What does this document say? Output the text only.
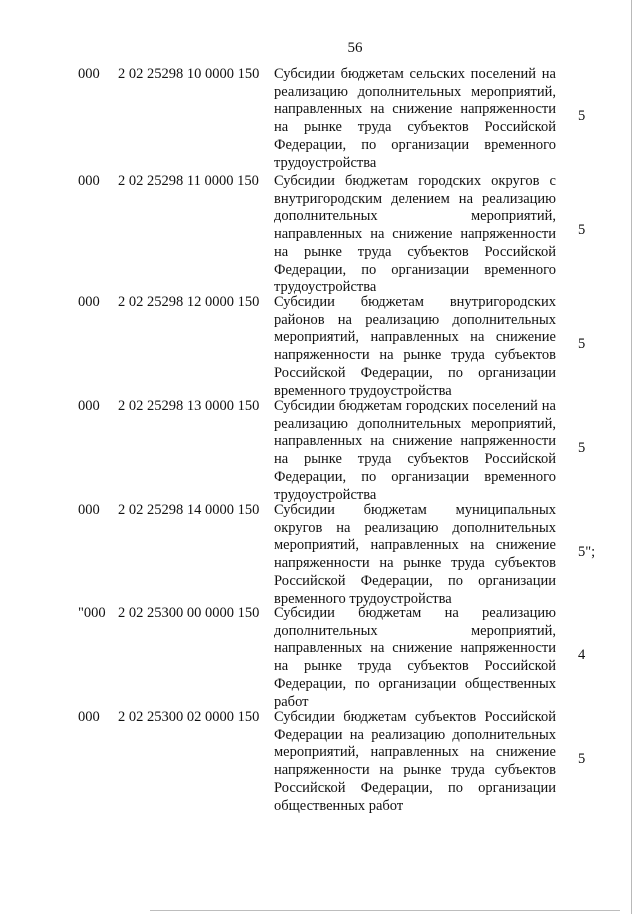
56
000 2 02 25298 10 0000 150 Субсидии бюджетам сельских поселений на реализацию дополнительных мероприятий, направленных на снижение напряженности на рынке труда субъектов Российской Федерации, по организации временного трудоустройства
5
000 2 02 25298 11 0000 150 Субсидии бюджетам городских округов с внутригородским делением на реализацию дополнительных мероприятий, направленных на снижение напряженности на рынке труда субъектов Российской Федерации, по организации временного трудоустройства
5
000 2 02 25298 12 0000 150 Субсидии бюджетам внутригородских районов на реализацию дополнительных мероприятий, направленных на снижение напряженности на рынке труда субъектов Российской Федерации, по организации временного трудоустройства
5
000 2 02 25298 13 0000 150 Субсидии бюджетам городских поселений на реализацию дополнительных мероприятий, направленных на снижение напряженности на рынке труда субъектов Российской Федерации, по организации временного трудоустройства
5
000 2 02 25298 14 0000 150 Субсидии бюджетам муниципальных округов на реализацию дополнительных мероприятий, направленных на снижение напряженности на рынке труда субъектов Российской Федерации, по организации временного трудоустройства
5";
"000 2 02 25300 00 0000 150 Субсидии бюджетам на реализацию дополнительных мероприятий, направленных на снижение напряженности на рынке труда субъектов Российской Федерации, по организации общественных работ
4
000 2 02 25300 02 0000 150 Субсидии бюджетам субъектов Российской Федерации на реализацию дополнительных мероприятий, направленных на снижение напряженности на рынке труда субъектов Российской Федерации, по организации общественных работ
5
